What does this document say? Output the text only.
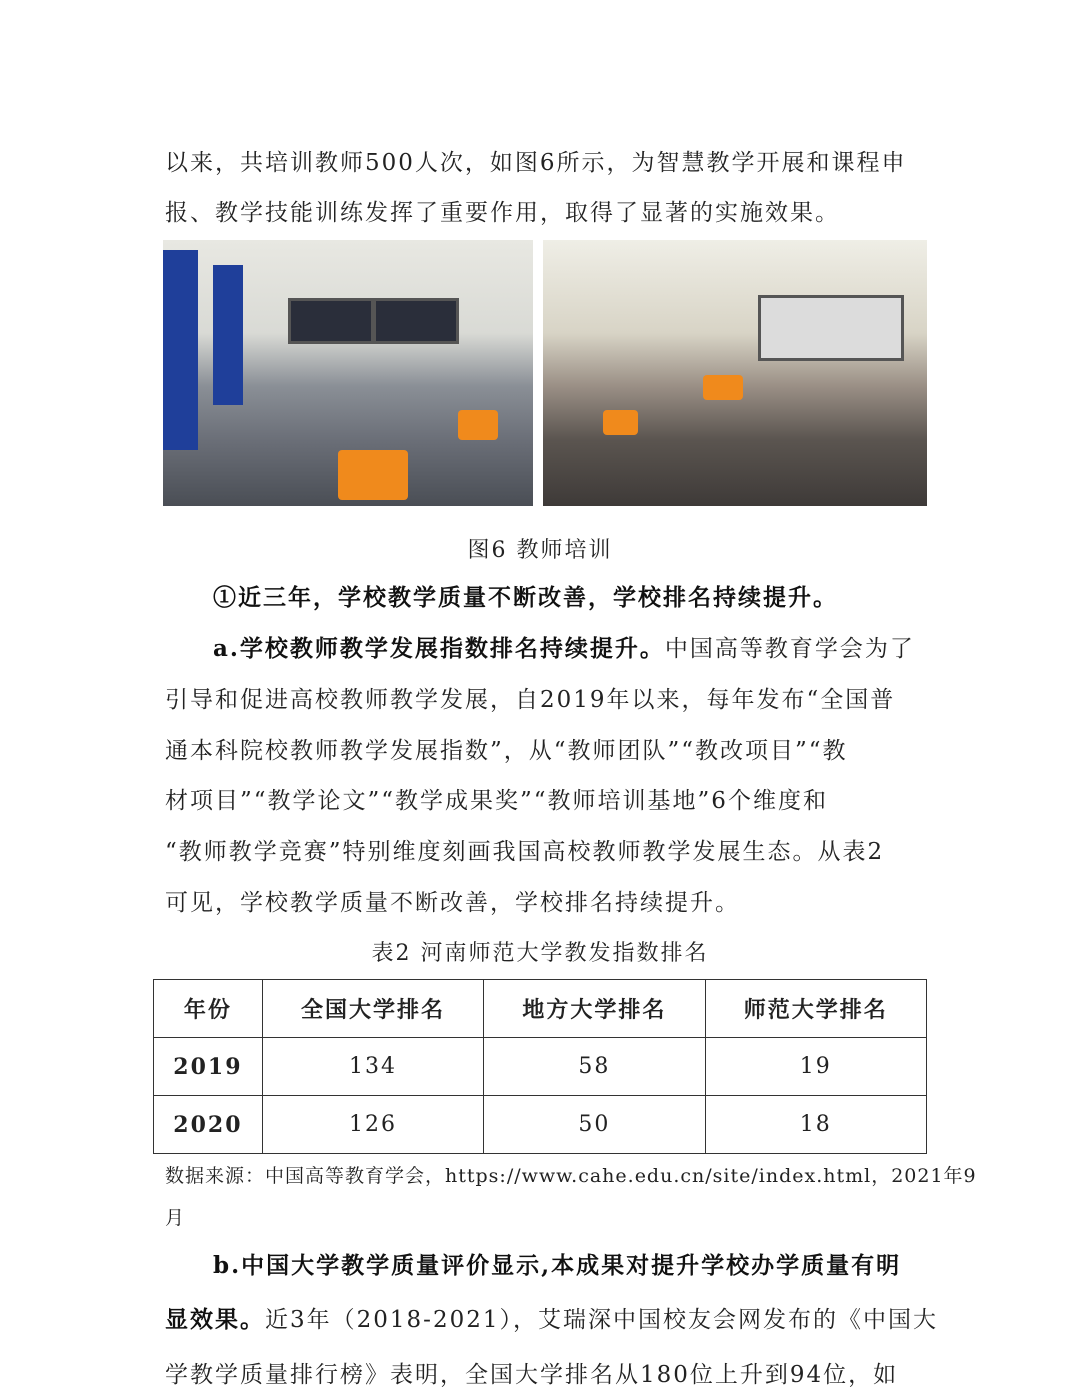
以来，共培训教师500人次，如图6所示，为智慧教学开展和课程申
报、教学技能训练发挥了重要作用，取得了显著的实施效果。
图6 教师培训
①近三年，学校教学质量不断改善，学校排名持续提升。
a.学校教师教学发展指数排名持续提升。中国高等教育学会为了
引导和促进高校教师教学发展，自2019年以来，每年发布“全国普
通本科院校教师教学发展指数”，从“教师团队”“教改项目”“教
材项目”“教学论文”“教学成果奖”“教师培训基地”6个维度和
“教师教学竞赛”特别维度刻画我国高校教师教学发展生态。从表2
可见，学校教学质量不断改善，学校排名持续提升。
表2 河南师范大学教发指数排名
年份	全国大学排名	地方大学排名	师范大学排名
2019	134	58	19
2020	126	50	18
数据来源：中国高等教育学会，https://www.cahe.edu.cn/site/index.html，2021年9
月
b.中国大学教学质量评价显示,本成果对提升学校办学质量有明
显效果。近3年（2018-2021），艾瑞深中国校友会网发布的《中国大
学教学质量排行榜》表明，全国大学排名从180位上升到94位，如
